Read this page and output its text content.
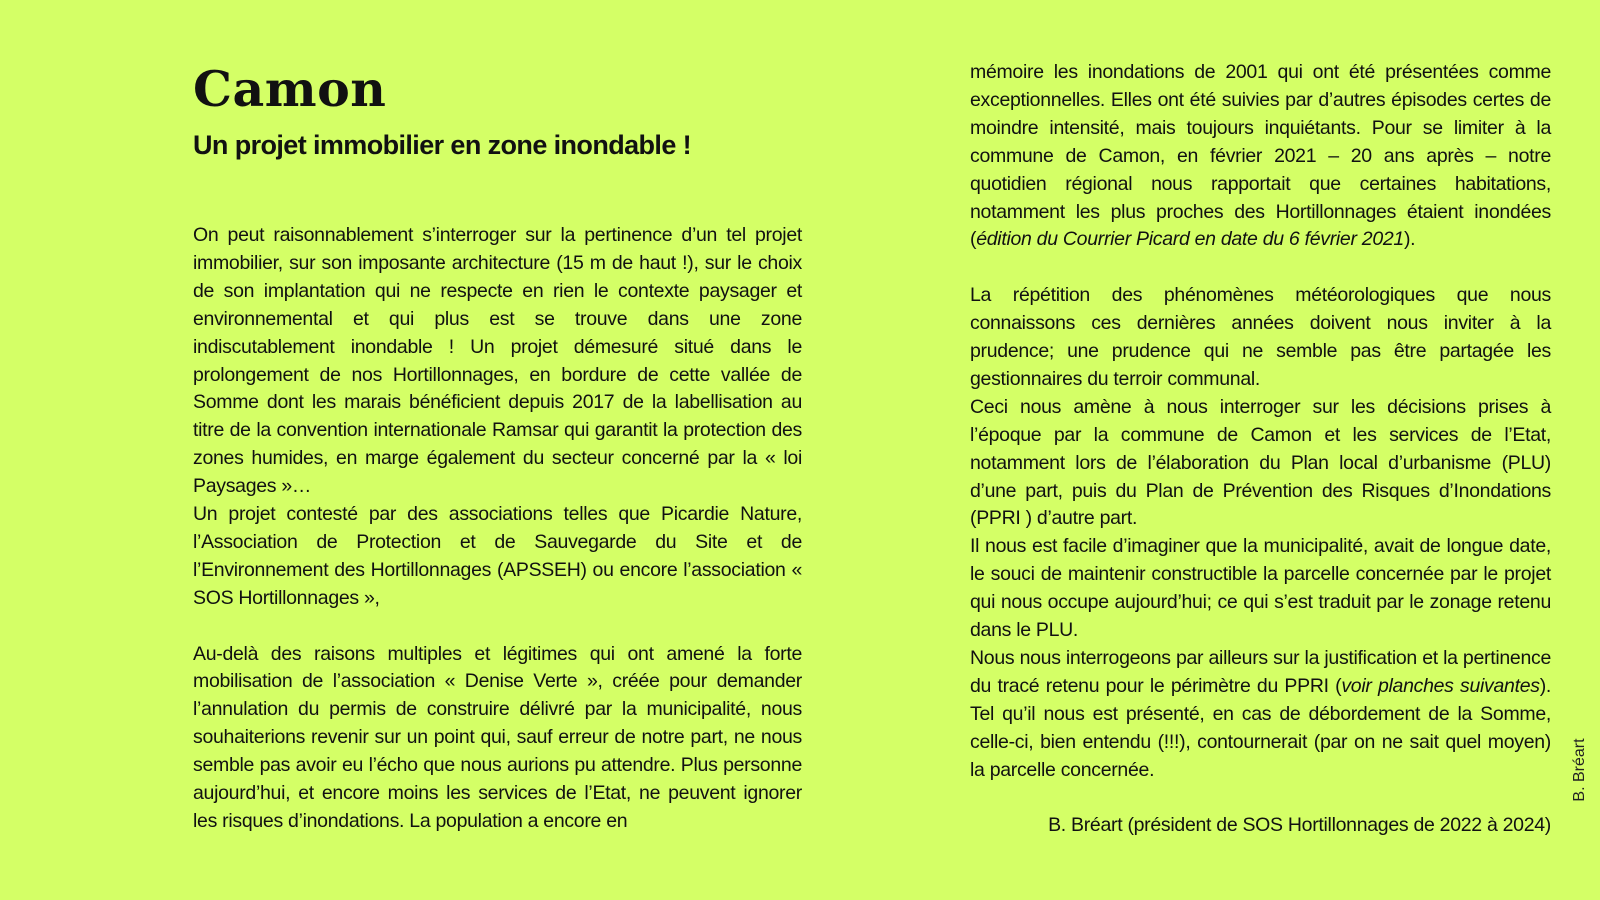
Camon
Un projet immobilier en zone inondable !

On peut raisonnablement s’interroger sur la pertinence d’un tel projet immobilier, sur son imposante architecture (15 m de haut !), sur le choix de son implantation qui ne respecte en rien le contexte paysager et environnemental et qui plus est se trouve dans une zone indiscutablement inondable ! Un projet démesuré situé dans le prolongement de nos Hortillonnages, en bordure de cette vallée de Somme dont les marais bénéficient depuis 2017 de la labellisation au titre de la convention internationale Ramsar qui garantit la protection des zones humides, en marge également du secteur concerné par la « loi Paysages »…

Un projet contesté par des associations telles que Picardie Nature, l’Association de Protection et de Sauvegarde du Site et de l’Environnement des Hortillonnages (APSSEH) ou encore l’association « SOS Hortillonnages »,

Au-delà des raisons multiples et légitimes qui ont amené la forte mobilisation de l’association « Denise Verte », créée pour demander l’annulation du permis de construire délivré par la municipalité, nous souhaiterions revenir sur un point qui, sauf erreur de notre part, ne nous semble pas avoir eu l’écho que nous aurions pu attendre. Plus personne aujourd’hui, et encore moins les services de l’Etat, ne peuvent ignorer les risques d’inondations. La population a encore en

mémoire les inondations de 2001 qui ont été présentées comme exceptionnelles. Elles ont été suivies par d’autres épisodes certes de moindre intensité, mais toujours inquiétants. Pour se limiter à la commune de Camon, en février 2021 – 20 ans après – notre quotidien régional nous rapportait que certaines habitations, notamment les plus proches des Hortillonnages étaient inondées (édition du Courrier Picard en date du 6 février 2021).

La répétition des phénomènes météorologiques que nous connaissons ces dernières années doivent nous inviter à la prudence; une prudence qui ne semble pas être partagée les gestionnaires du terroir communal.

Ceci nous amène à nous interroger sur les décisions prises à l’époque par la commune de Camon et les services de l’Etat, notamment lors de l’élaboration du Plan local d’urbanisme (PLU) d’une part, puis du Plan de Prévention des Risques d’Inondations (PPRI ) d’autre part.

Il nous est facile d’imaginer que la municipalité, avait de longue date, le souci de maintenir constructible la parcelle concernée par le projet qui nous occupe aujourd’hui; ce qui s’est traduit par le zonage retenu dans le PLU.

Nous nous interrogeons par ailleurs sur la justification et la pertinence du tracé retenu pour le périmètre du PPRI (voir planches suivantes). Tel qu’il nous est présenté, en cas de débordement de la Somme, celle-ci, bien entendu (!!!), contournerait (par on ne sait quel moyen) la parcelle concernée.

B. Bréart (président de SOS Hortillonnages de 2022 à 2024)

B. Bréart
